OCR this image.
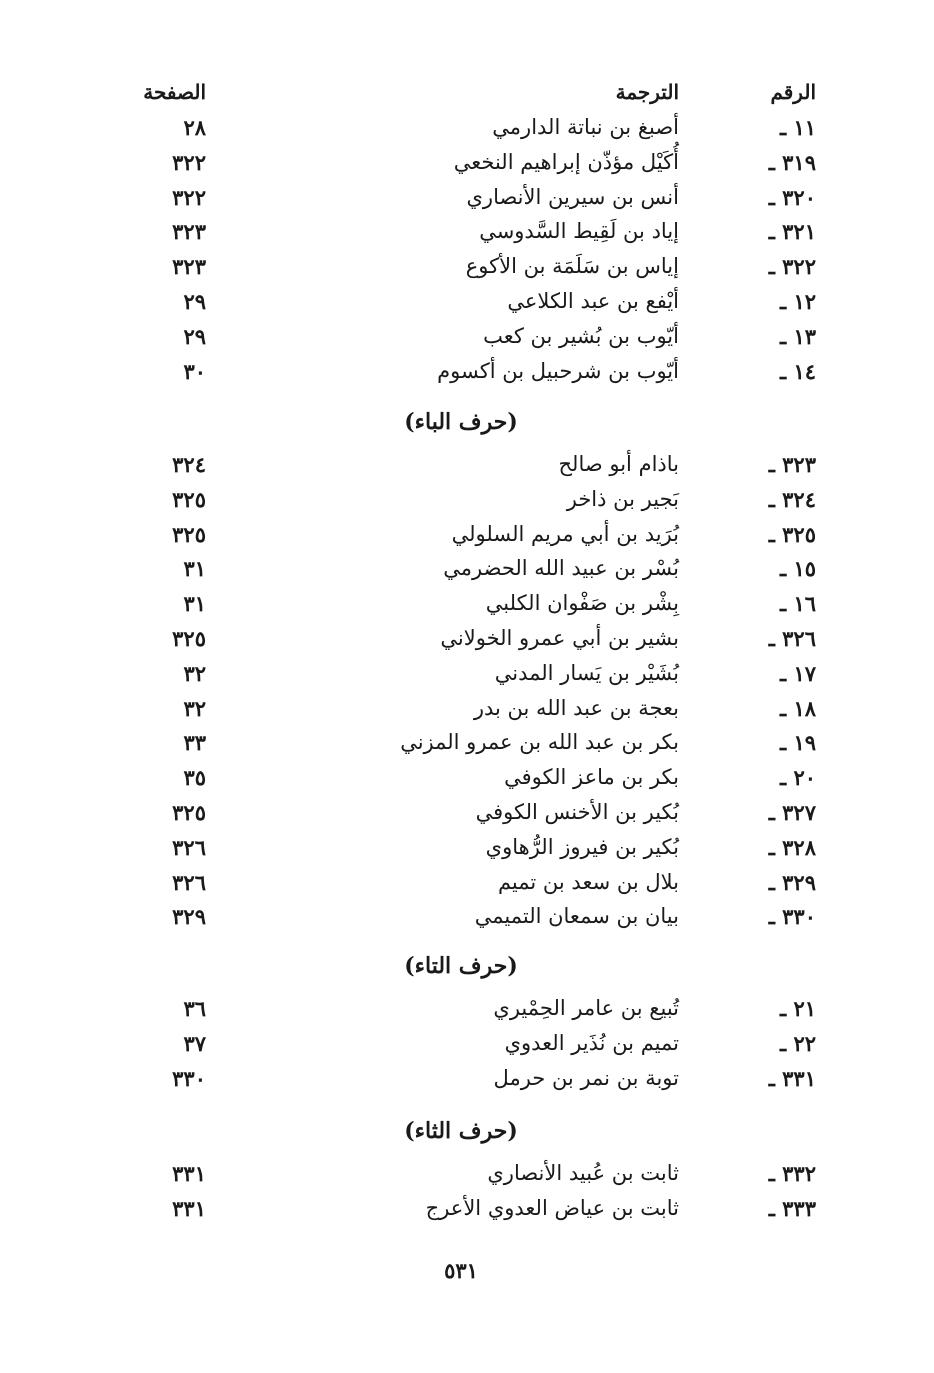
الرقم
الترجمة
الصفحة
١١ ـ
أصبغ بن نباتة الدارمي
٢٨
٣١٩ ـ
أُكَيْل مؤذّن إبراهيم النخعي
٣٢٢
٣٢٠ ـ
أنس بن سيرين الأنصاري
٣٢٢
٣٢١ ـ
إياد بن لَقِيط السَّدوسي
٣٢٣
٣٢٢ ـ
إياس بن سَلَمَة بن الأكوع
٣٢٣
١٢ ـ
أيْفع بن عبد الكلاعي
٢٩
١٣ ـ
أيّوب بن بُشير بن كعب
٢٩
١٤ ـ
أيّوب بن شرحبيل بن أكسوم
٣٠
(حرف الباء)
٣٢٣ ـ
باذام أبو صالح
٣٢٤
٣٢٤ ـ
بَجير بن ذاخر
٣٢٥
٣٢٥ ـ
بُرَيد بن أبي مريم السلولي
٣٢٥
١٥ ـ
بُسْر بن عبيد الله الحضرمي
٣١
١٦ ـ
بِشْر بن صَفْوان الكلبي
٣١
٣٢٦ ـ
بشير بن أبي عمرو الخولاني
٣٢٥
١٧ ـ
بُشَيْر بن يَسار المدني
٣٢
١٨ ـ
بعجة بن عبد الله بن بدر
٣٢
١٩ ـ
بكر بن عبد الله بن عمرو المزني
٣٣
٢٠ ـ
بكر بن ماعز الكوفي
٣٥
٣٢٧ ـ
بُكير بن الأخنس الكوفي
٣٢٥
٣٢٨ ـ
بُكير بن فيروز الرُّهاوي
٣٢٦
٣٢٩ ـ
بلال بن سعد بن تميم
٣٢٦
٣٣٠ ـ
بيان بن سمعان التميمي
٣٢٩
(حرف التاء)
٢١ ـ
تُبيع بن عامر الحِمْيري
٣٦
٢٢ ـ
تميم بن نُذَير العدوي
٣٧
٣٣١ ـ
توبة بن نمر بن حرمل
٣٣٠
(حرف الثاء)
٣٣٢ ـ
ثابت بن عُبيد الأنصاري
٣٣١
٣٣٣ ـ
ثابت بن عياض العدوي الأعرج
٣٣١
٥٣١
